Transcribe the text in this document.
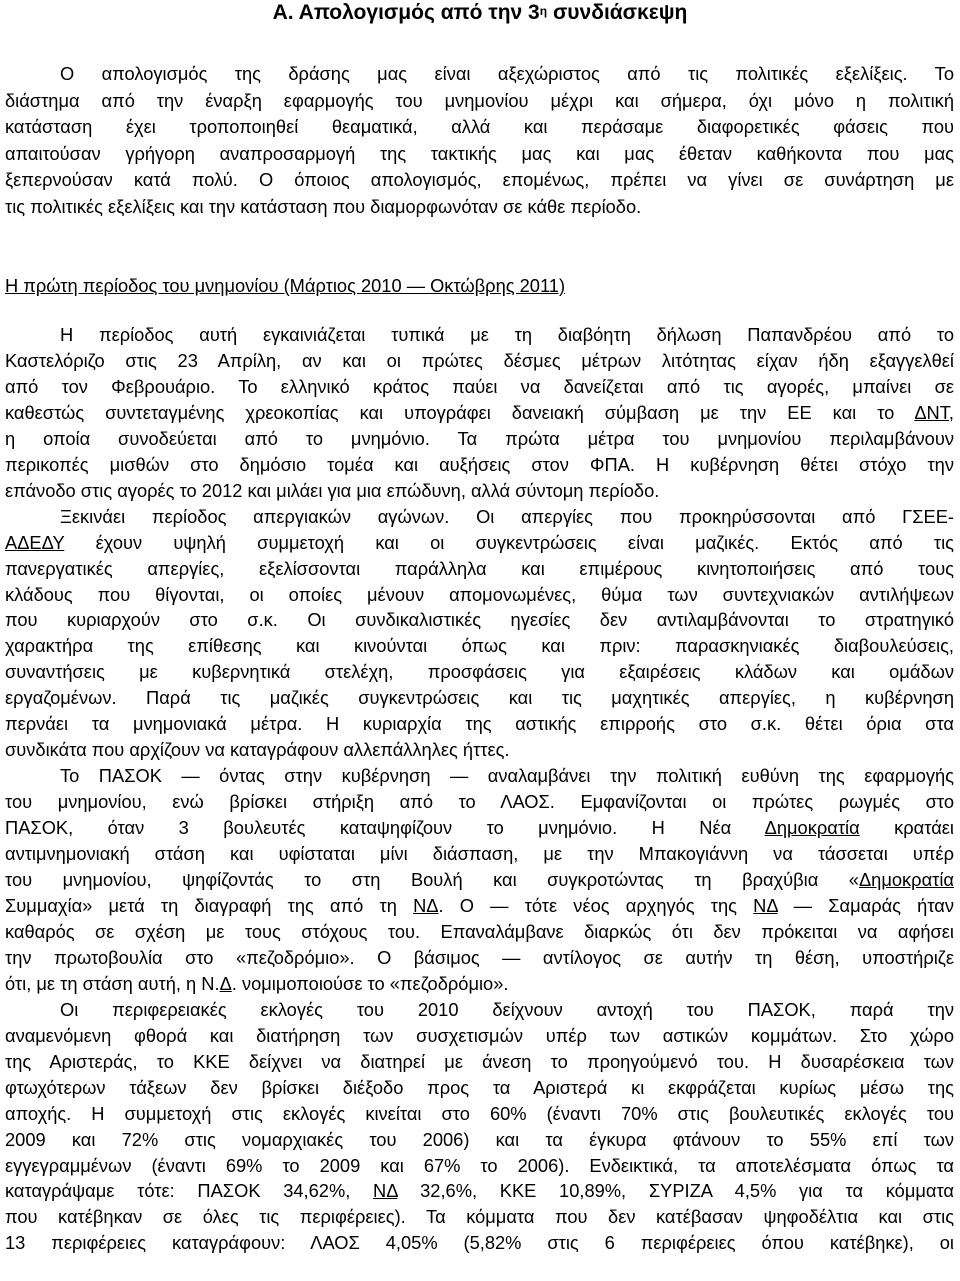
Α. Απολογισμός από την $3^\eta$ συνδιάσκεψη
Ο απολογισμός της δράσης μας είναι αξεχώριστος από τις πολιτικές εξελίξεις. Το
διάστημα από την έναρξη εφαρμογής του μνημονίου μέχρι και σήμερα, όχι μόνο η πολιτική
κατάσταση έχει τροποποιηθεί θεαματικά, αλλά και περάσαμε διαφορετικές φάσεις που
απαιτούσαν γρήγορη αναπροσαρμογή της τακτικής μας και μας έθεταν καθήκοντα που μας
ξεπερνούσαν κατά πολύ. Ο όποιος απολογισμός, επομένως, πρέπει να γίνει σε συνάρτηση με
τις πολιτικές εξελίξεις και την κατάσταση που διαμορφωνόταν σε κάθε περίοδο.
Η πρώτη περίοδος του μνημονίου (Μάρτιος 2010 — Οκτώβρης 2011)
Η περίοδος αυτή εγκαινιάζεται τυπικά με τη διαβόητη δήλωση Παπανδρέου από το
Καστελόριζο στις 23 Απρίλη, αν και οι πρώτες δέσμες μέτρων λιτότητας είχαν ήδη εξαγγελθεί
από τον Φεβρουάριο. Το ελληνικό κράτος παύει να δανείζεται από τις αγορές, μπαίνει σε
καθεστώς συντεταγμένης χρεοκοπίας και υπογράφει δανειακή σύμβαση με την ΕΕ και το ΔΝΤ,
η οποία συνοδεύεται από το μνημόνιο. Τα πρώτα μέτρα του μνημονίου περιλαμβάνουν
περικοπές μισθών στο δημόσιο τομέα και αυξήσεις στον ΦΠΑ. Η κυβέρνηση θέτει στόχο την
επάνοδο στις αγορές το 2012 και μιλάει για μια επώδυνη, αλλά σύντομη περίοδο.
Ξεκινάει περίοδος απεργιακών αγώνων. Οι απεργίες που προκηρύσσονται από ΓΣΕΕ-
ΑΔΕΔΥ έχουν υψηλή συμμετοχή και οι συγκεντρώσεις είναι μαζικές. Εκτός από τις
πανεργατικές απεργίες, εξελίσσονται παράλληλα και επιμέρους κινητοποιήσεις από τους
κλάδους που θίγονται, οι οποίες μένουν απομονωμένες, θύμα των συντεχνιακών αντιλήψεων
που κυριαρχούν στο σ.κ. Οι συνδικαλιστικές ηγεσίες δεν αντιλαμβάνονται το στρατηγικό
χαρακτήρα της επίθεσης και κινούνται όπως και πριν: παρασκηνιακές διαβουλεύσεις,
συναντήσεις με κυβερνητικά στελέχη, προσφάσεις για εξαιρέσεις κλάδων και ομάδων
εργαζομένων. Παρά τις μαζικές συγκεντρώσεις και τις μαχητικές απεργίες, η κυβέρνηση
περνάει τα μνημονιακά μέτρα. Η κυριαρχία της αστικής επιρροής στο σ.κ. θέτει όρια στα
συνδικάτα που αρχίζουν να καταγράφουν αλλεπάλληλες ήττες.
Το ΠΑΣΟΚ — όντας στην κυβέρνηση — αναλαμβάνει την πολιτική ευθύνη της εφαρμογής
του μνημονίου, ενώ βρίσκει στήριξη από το ΛΑΟΣ. Εμφανίζονται οι πρώτες ρωγμές στο
ΠΑΣΟΚ, όταν 3 βουλευτές καταψηφίζουν το μνημόνιο. Η Νέα Δημοκρατία κρατάει
αντιμνημονιακή στάση και υφίσταται μίνι διάσπαση, με την Μπακογιάννη να τάσσεται υπέρ
του μνημονίου, ψηφίζοντάς το στη Βουλή και συγκροτώντας τη βραχύβια «Δημοκρατία
Συμμαχία» μετά τη διαγραφή της από τη ΝΔ. Ο — τότε νέος αρχηγός της ΝΔ — Σαμαράς ήταν
καθαρός σε σχέση με τους στόχους του. Επαναλάμβανε διαρκώς ότι δεν πρόκειται να αφήσει
την πρωτοβουλία στο «πεζοδρόμιο». Ο βάσιμος — αντίλογος σε αυτήν τη θέση, υποστήριζε
ότι, με τη στάση αυτή, η Ν.Δ. νομιμοποιούσε το «πεζοδρόμιο».
Οι περιφερειακές εκλογές του 2010 δείχνουν αντοχή του ΠΑΣΟΚ, παρά την
αναμενόμενη φθορά και διατήρηση των συσχετισμών υπέρ των αστικών κομμάτων. Στο χώρο
της Αριστεράς, το ΚΚΕ δείχνει να διατηρεί με άνεση το προηγούμενό του. Η δυσαρέσκεια των
φτωχότερων τάξεων δεν βρίσκει διέξοδο προς τα Αριστερά κι εκφράζεται κυρίως μέσω της
αποχής. Η συμμετοχή στις εκλογές κινείται στο 60% (έναντι 70% στις βουλευτικές εκλογές του
2009 και 72% στις νομαρχιακές του 2006) και τα έγκυρα φτάνουν το 55% επί των
εγγεγραμμένων (έναντι 69% το 2009 και 67% το 2006). Ενδεικτικά, τα αποτελέσματα όπως τα
καταγράψαμε τότε: ΠΑΣΟΚ 34,62%, ΝΔ 32,6%, ΚΚΕ 10,89%, ΣΥΡΙΖΑ 4,5% για τα κόμματα
που κατέβηκαν σε όλες τις περιφέρειες). Τα κόμματα που δεν κατέβασαν ψηφοδέλτια και στις
13 περιφέρειες καταγράφουν: ΛΑΟΣ 4,05% (5,82% στις 6 περιφέρειες όπου κατέβηκε), οι
